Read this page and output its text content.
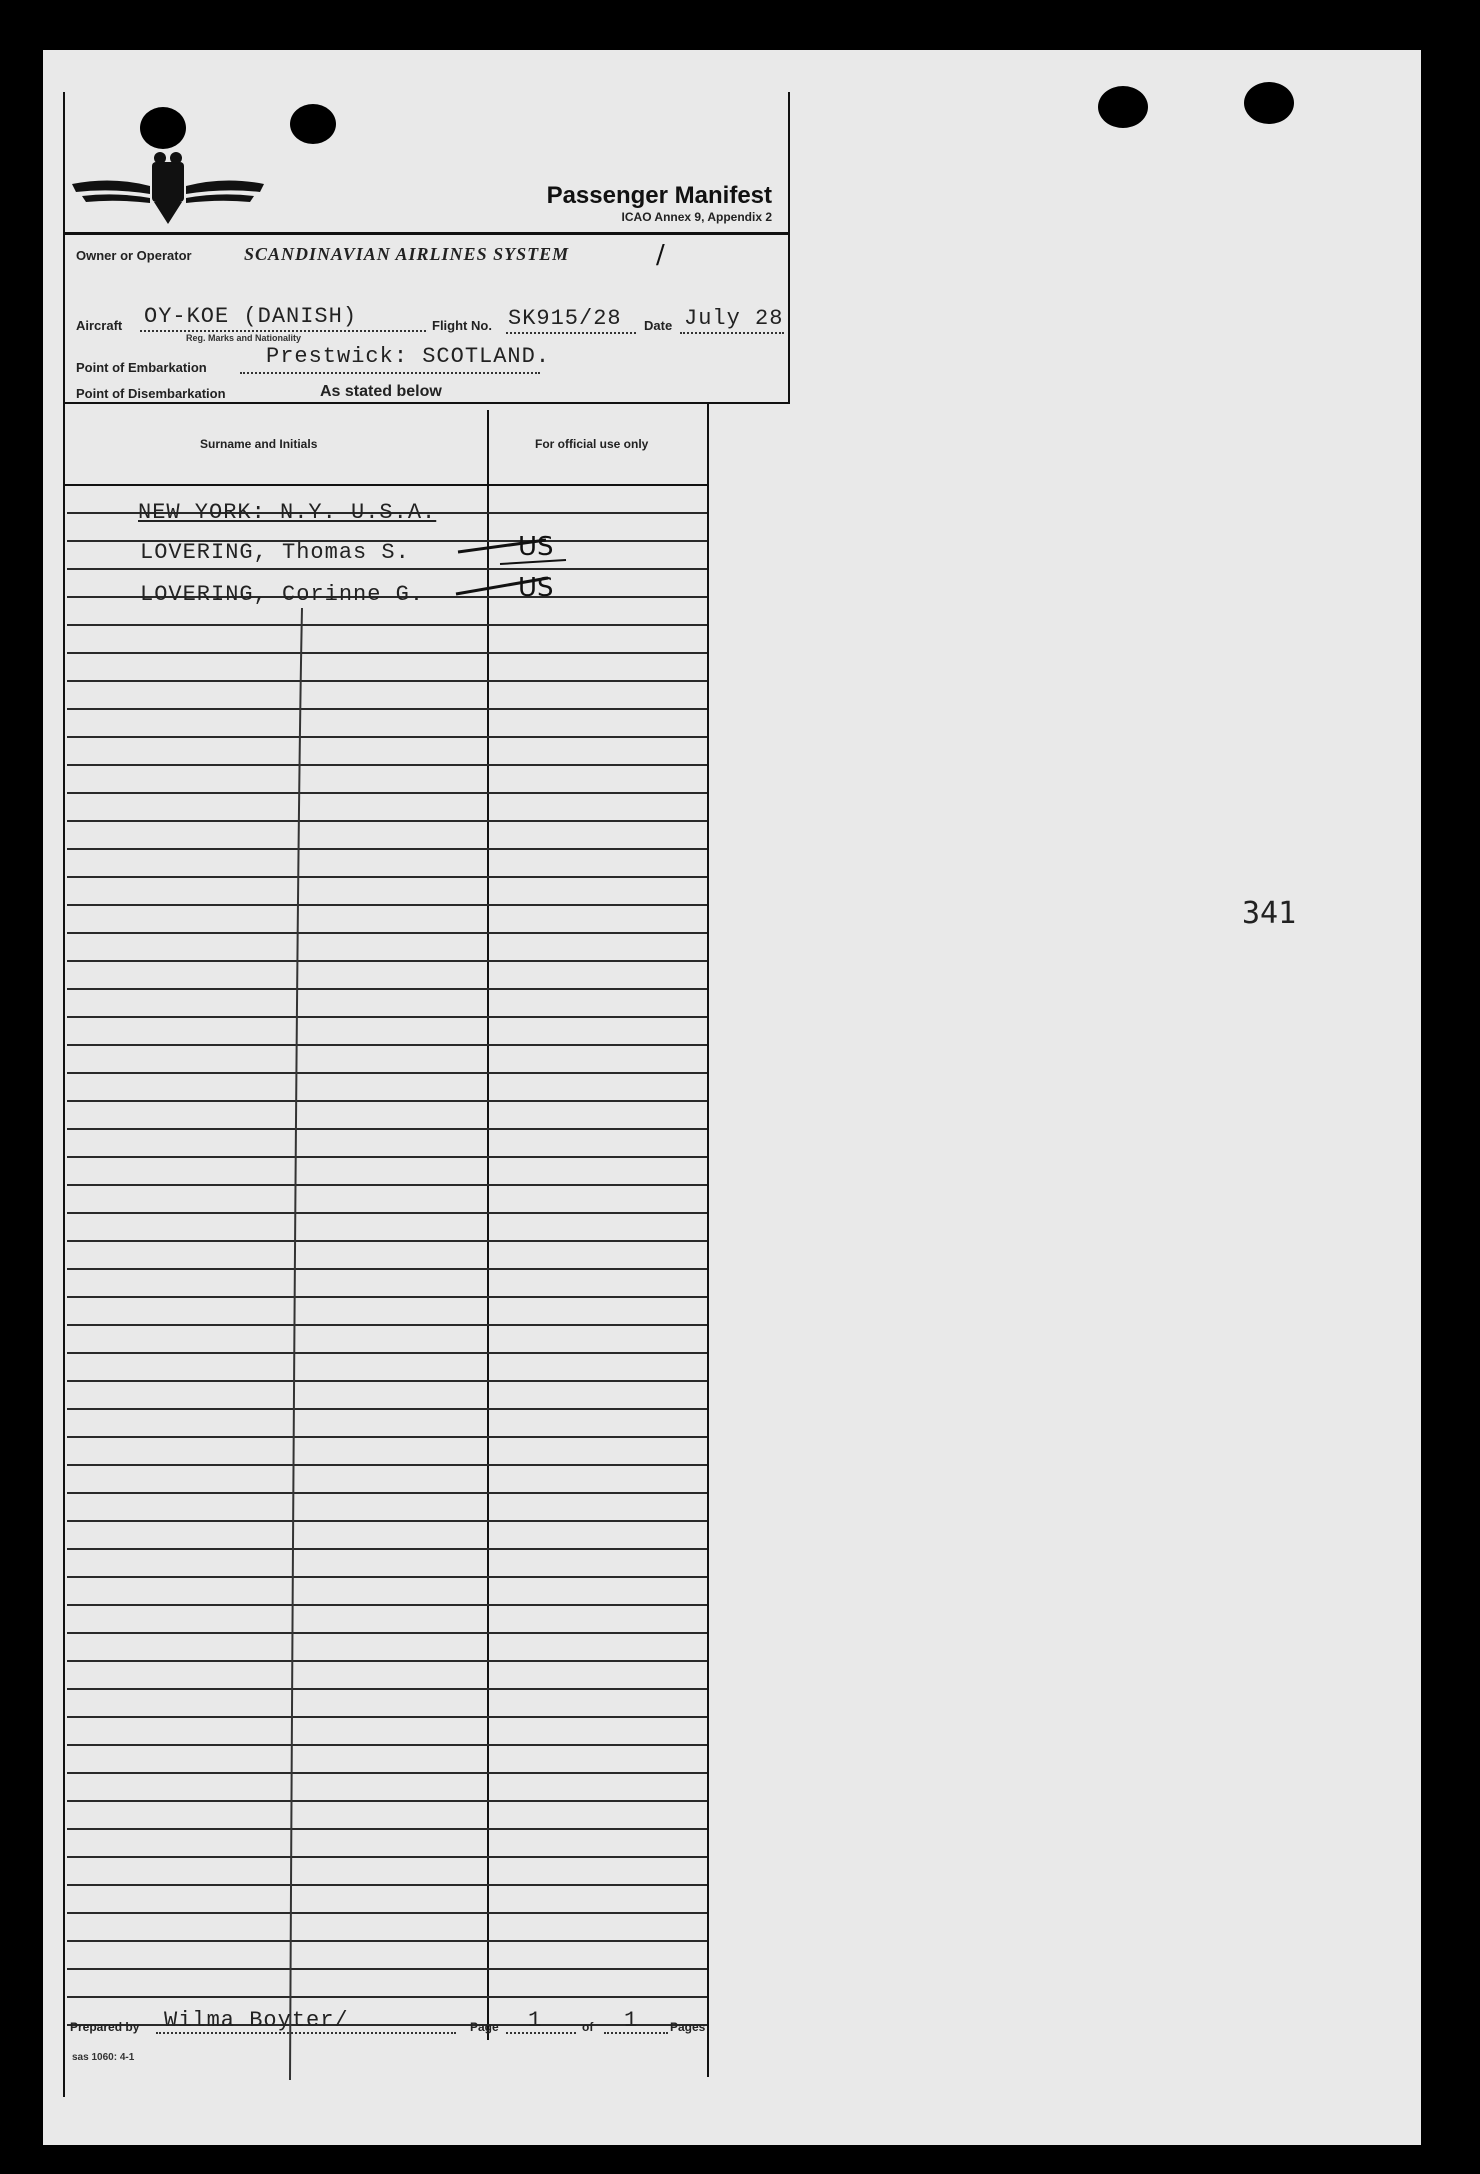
Passenger Manifest
ICAO Annex 9, Appendix 2
Owner or Operator	SCANDINAVIAN AIRLINES SYSTEM	/
Aircraft OY-KOE (DANISH)
Reg. Marks and Nationality
Flight No. SK915/28 Date July 28
Point of Embarkation	Prestwick: SCOTLAND.
Point of Disembarkation	As stated below
Surname and Initials	For official use only
NEW YORK: N.Y. U.S.A.
LOVERING, Thomas S.	US
LOVERING, Corinne G.	US
Prepared by Wilma Boyter/	Page 1	of 1	Pages
sas 1060: 4-1
341
